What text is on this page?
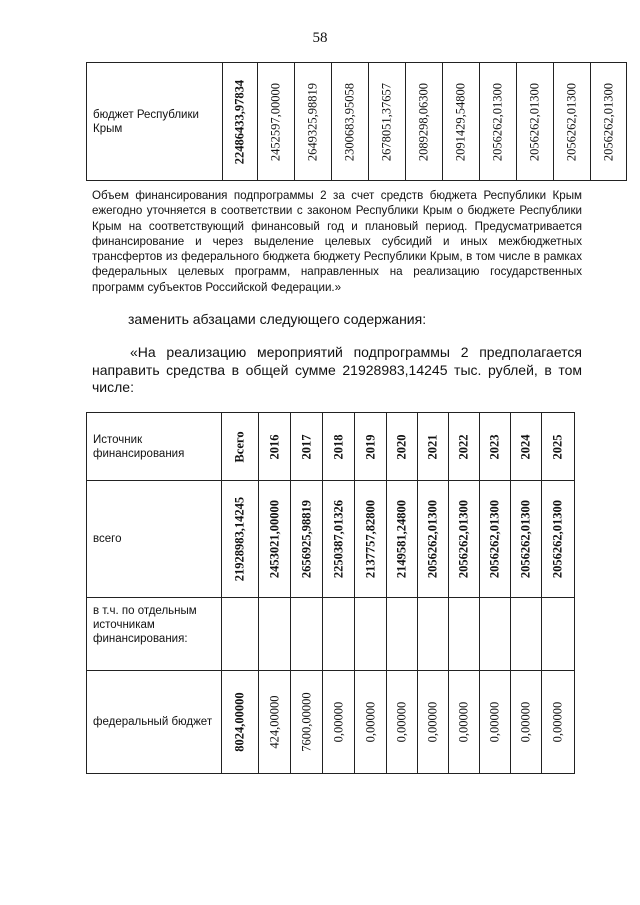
58
бюджет Республики Крым	22486433,97834	2452597,00000	2649325,98819	2300683,95058	2678051,37657	2089298,06300	2091429,54800	2056262,01300	2056262,01300	2056262,01300	2056262,01300
Объем финансирования подпрограммы 2 за счет средств бюджета Республики Крым ежегодно уточняется в соответствии с законом Республики Крым о бюджете Республики Крым на соответствующий финансовый год и плановый период. Предусматривается финансирование и через выделение целевых субсидий и иных межбюджетных трансфертов из федерального бюджета бюджету Республики Крым, в том числе в рамках федеральных целевых программ, направленных на реализацию государственных программ субъектов Российской Федерации.»
заменить абзацами следующего содержания:
«На реализацию мероприятий подпрограммы 2 предполагается направить средства в общей сумме 21928983,14245 тыс. рублей, в том числе:
Источник финансирования	Всего	2016	2017	2018	2019	2020	2021	2022	2023	2024	2025

всего	21928983,14245	2453021,00000	2656925,98819	2250387,01326	2137757,82800	2149581,24800	2056262,01300	2056262,01300	2056262,01300	2056262,01300	2056262,01300

в т.ч. по отдельным источникам финансирования:											
федеральный бюджет	8024,00000	424,00000	7600,00000	0,00000	0,00000	0,00000	0,00000	0,00000	0,00000	0,00000	0,00000
